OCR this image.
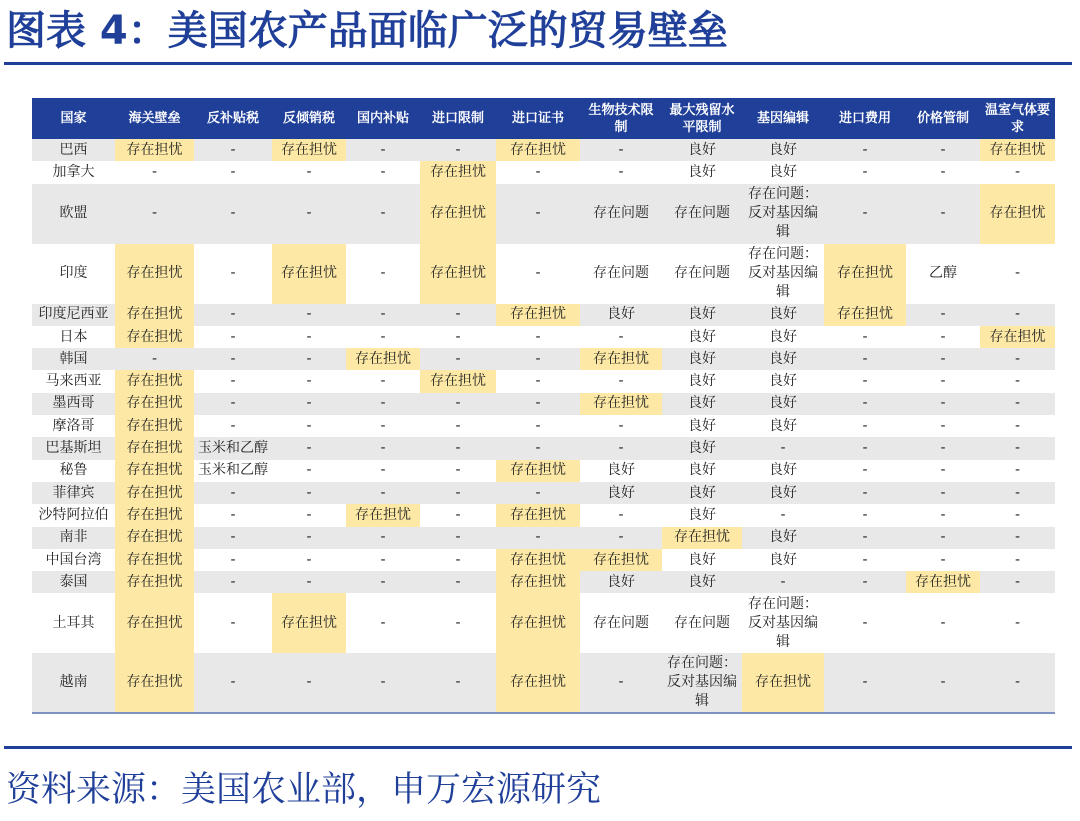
图表 4：美国农产品面临广泛的贸易壁垒
国家	海关壁垒	反补贴税	反倾销税	国内补贴	进口限制	进口证书	生物技术限制	最大残留水平限制	基因编辑	进口费用	价格管制	温室气体要求
巴西	存在担忧	-	存在担忧	-	-	存在担忧	-	良好	良好	-	-	存在担忧
加拿大	-	-	-	-	存在担忧	-	-	良好	良好	-	-	-
欧盟	-	-	-	-	存在担忧	-	存在问题	存在问题	存在问题：反对基因编辑	-	-	存在担忧
印度	存在担忧	-	存在担忧	-	存在担忧	-	存在问题	存在问题	存在问题：反对基因编辑	存在担忧	乙醇	-
印度尼西亚	存在担忧	-	-	-	-	存在担忧	良好	良好	良好	存在担忧	-	-
日本	存在担忧	-	-	-	-	-	-	良好	良好	-	-	存在担忧
韩国	-	-	-	存在担忧	-	-	存在担忧	良好	良好	-	-	-
马来西亚	存在担忧	-	-	-	存在担忧	-	-	良好	良好	-	-	-
墨西哥	存在担忧	-	-	-	-	-	存在担忧	良好	良好	-	-	-
摩洛哥	存在担忧	-	-	-	-	-	-	良好	良好	-	-	-
巴基斯坦	存在担忧	玉米和乙醇	-	-	-	-	-	良好	-	-	-	-
秘鲁	存在担忧	玉米和乙醇	-	-	-	存在担忧	良好	良好	良好	-	-	-
菲律宾	存在担忧	-	-	-	-	-	良好	良好	良好	-	-	-
沙特阿拉伯	存在担忧	-	-	存在担忧	-	存在担忧	-	良好	-	-	-	-
南非	存在担忧	-	-	-	-	-	-	存在担忧	良好	-	-	-
中国台湾	存在担忧	-	-	-	-	存在担忧	存在担忧	良好	良好	-	-	-
泰国	存在担忧	-	-	-	-	存在担忧	良好	良好	-	-	存在担忧	-
土耳其	存在担忧	-	存在担忧	-	-	存在担忧	存在问题	存在问题	存在问题：反对基因编辑	-	-	-
越南	存在担忧	-	-	-	-	存在担忧	-	存在问题：反对基因编辑	存在担忧	-	-	-
资料来源：美国农业部，申万宏源研究
